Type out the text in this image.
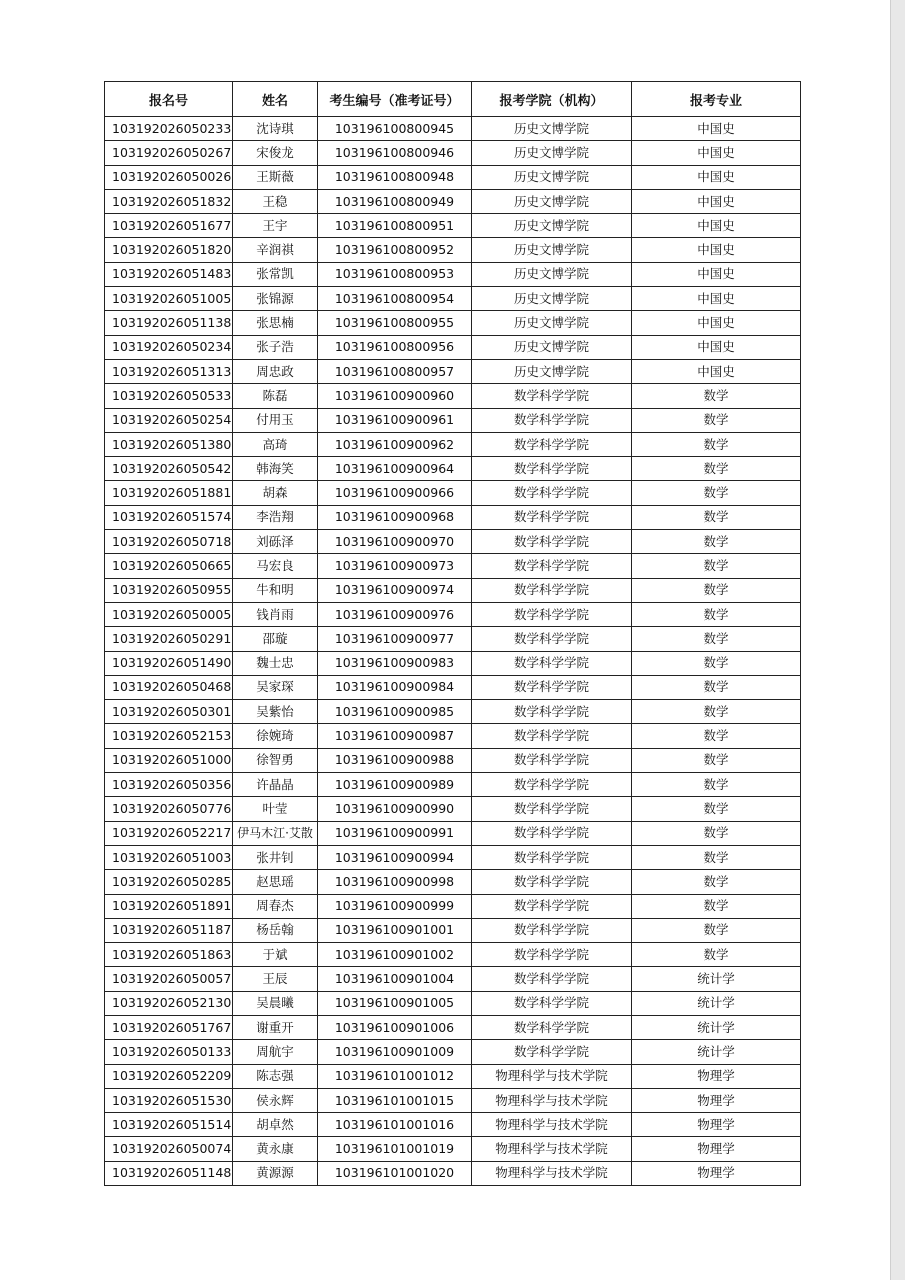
报名号	姓名	考生编号（准考证号）	报考学院（机构）	报考专业
103192026050233	沈诗琪	103196100800945	历史文博学院	中国史
103192026050267	宋俊龙	103196100800946	历史文博学院	中国史
103192026050026	王斯薇	103196100800948	历史文博学院	中国史
103192026051832	王稳	103196100800949	历史文博学院	中国史
103192026051677	王宇	103196100800951	历史文博学院	中国史
103192026051820	辛润祺	103196100800952	历史文博学院	中国史
103192026051483	张常凯	103196100800953	历史文博学院	中国史
103192026051005	张锦源	103196100800954	历史文博学院	中国史
103192026051138	张思楠	103196100800955	历史文博学院	中国史
103192026050234	张子浩	103196100800956	历史文博学院	中国史
103192026051313	周忠政	103196100800957	历史文博学院	中国史
103192026050533	陈磊	103196100900960	数学科学学院	数学
103192026050254	付用玉	103196100900961	数学科学学院	数学
103192026051380	高琦	103196100900962	数学科学学院	数学
103192026050542	韩海笑	103196100900964	数学科学学院	数学
103192026051881	胡森	103196100900966	数学科学学院	数学
103192026051574	李浩翔	103196100900968	数学科学学院	数学
103192026050718	刘砾泽	103196100900970	数学科学学院	数学
103192026050665	马宏良	103196100900973	数学科学学院	数学
103192026050955	牛和明	103196100900974	数学科学学院	数学
103192026050005	钱肖雨	103196100900976	数学科学学院	数学
103192026050291	邵璇	103196100900977	数学科学学院	数学
103192026051490	魏士忠	103196100900983	数学科学学院	数学
103192026050468	吴家琛	103196100900984	数学科学学院	数学
103192026050301	吴紫怡	103196100900985	数学科学学院	数学
103192026052153	徐婉琦	103196100900987	数学科学学院	数学
103192026051000	徐智勇	103196100900988	数学科学学院	数学
103192026050356	许晶晶	103196100900989	数学科学学院	数学
103192026050776	叶莹	103196100900990	数学科学学院	数学
103192026052217	伊马木江·艾散	103196100900991	数学科学学院	数学
103192026051003	张井钊	103196100900994	数学科学学院	数学
103192026050285	赵思瑶	103196100900998	数学科学学院	数学
103192026051891	周春杰	103196100900999	数学科学学院	数学
103192026051187	杨岳翰	103196100901001	数学科学学院	数学
103192026051863	于斌	103196100901002	数学科学学院	数学
103192026050057	王辰	103196100901004	数学科学学院	统计学
103192026052130	吴晨曦	103196100901005	数学科学学院	统计学
103192026051767	谢重开	103196100901006	数学科学学院	统计学
103192026050133	周航宇	103196100901009	数学科学学院	统计学
103192026052209	陈志强	103196101001012	物理科学与技术学院	物理学
103192026051530	侯永辉	103196101001015	物理科学与技术学院	物理学
103192026051514	胡卓然	103196101001016	物理科学与技术学院	物理学
103192026050074	黄永康	103196101001019	物理科学与技术学院	物理学
103192026051148	黄源源	103196101001020	物理科学与技术学院	物理学
